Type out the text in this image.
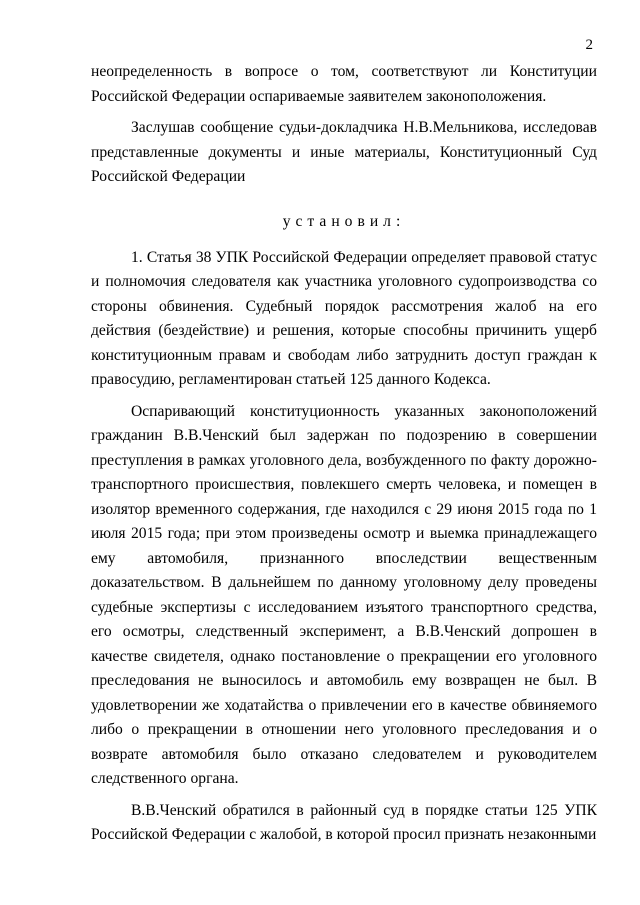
2

неопределенность в вопросе о том, соответствуют ли Конституции Российской Федерации оспариваемые заявителем законоположения.

Заслушав сообщение судьи-докладчика Н.В.Мельникова, исследовав представленные документы и иные материалы, Конституционный Суд Российской Федерации

установил:

1. Статья 38 УПК Российской Федерации определяет правовой статус и полномочия следователя как участника уголовного судопроизводства со стороны обвинения. Судебный порядок рассмотрения жалоб на его действия (бездействие) и решения, которые способны причинить ущерб конституционным правам и свободам либо затруднить доступ граждан к правосудию, регламентирован статьей 125 данного Кодекса.

Оспаривающий конституционность указанных законоположений гражданин В.В.Ченский был задержан по подозрению в совершении преступления в рамках уголовного дела, возбужденного по факту дорожно-транспортного происшествия, повлекшего смерть человека, и помещен в изолятор временного содержания, где находился с 29 июня 2015 года по 1 июля 2015 года; при этом произведены осмотр и выемка принадлежащего ему автомобиля, признанного впоследствии вещественным доказательством. В дальнейшем по данному уголовному делу проведены судебные экспертизы с исследованием изъятого транспортного средства, его осмотры, следственный эксперимент, а В.В.Ченский допрошен в качестве свидетеля, однако постановление о прекращении его уголовного преследования не выносилось и автомобиль ему возвращен не был. В удовлетворении же ходатайства о привлечении его в качестве обвиняемого либо о прекращении в отношении него уголовного преследования и о возврате автомобиля было отказано следователем и руководителем следственного органа.

В.В.Ченский обратился в районный суд в порядке статьи 125 УПК Российской Федерации с жалобой, в которой просил признать незаконными
